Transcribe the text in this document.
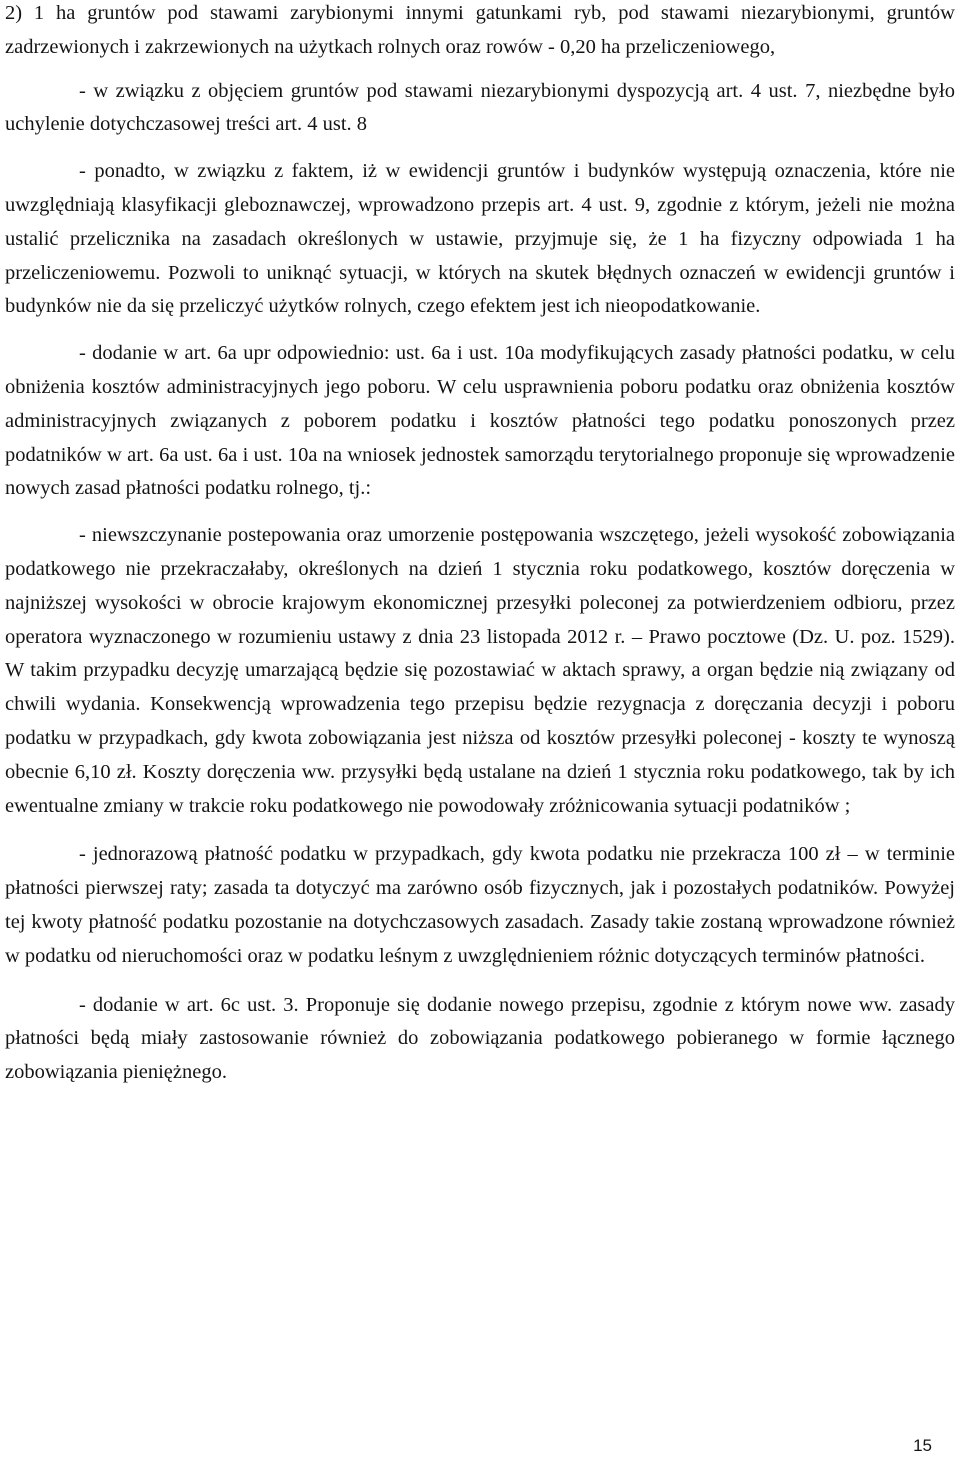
2) 1 ha gruntów pod stawami zarybionymi innymi gatunkami ryb, pod stawami niezarybionymi, gruntów zadrzewionych i zakrzewionych na użytkach rolnych oraz rowów - 0,20 ha przeliczeniowego,

- w związku z objęciem gruntów pod stawami niezarybionymi dyspozycją art. 4 ust. 7, niezbędne było uchylenie dotychczasowej treści art. 4 ust. 8

- ponadto, w związku z faktem, iż w ewidencji gruntów i budynków występują oznaczenia, które nie uwzględniają klasyfikacji gleboznawczej, wprowadzono przepis art. 4 ust. 9, zgodnie z którym, jeżeli nie można ustalić przelicznika na zasadach określonych w ustawie, przyjmuje się, że 1 ha fizyczny odpowiada 1 ha przeliczeniowemu. Pozwoli to uniknąć sytuacji, w których na skutek błędnych oznaczeń w ewidencji gruntów i budynków nie da się przeliczyć użytków rolnych, czego efektem jest ich nieopodatkowanie.

- dodanie w art. 6a upr odpowiednio: ust. 6a i ust. 10a modyfikujących zasady płatności podatku, w celu obniżenia kosztów administracyjnych jego poboru. W celu usprawnienia poboru podatku oraz obniżenia kosztów administracyjnych związanych z poborem podatku i kosztów płatności tego podatku ponoszonych przez podatników w art. 6a ust. 6a i ust. 10a na wniosek jednostek samorządu terytorialnego proponuje się wprowadzenie nowych zasad płatności podatku rolnego, tj.:

- niewszczynanie postepowania oraz umorzenie postępowania wszczętego, jeżeli wysokość zobowiązania podatkowego nie przekraczałaby, określonych na dzień 1 stycznia roku podatkowego, kosztów doręczenia w najniższej wysokości w obrocie krajowym ekonomicznej przesyłki poleconej za potwierdzeniem odbioru, przez operatora wyznaczonego w rozumieniu ustawy z dnia 23 listopada 2012 r. – Prawo pocztowe (Dz. U. poz. 1529). W takim przypadku decyzję umarzającą będzie się pozostawiać w aktach sprawy, a organ będzie nią związany od chwili wydania. Konsekwencją wprowadzenia tego przepisu będzie rezygnacja z doręczania decyzji i poboru podatku w przypadkach, gdy kwota zobowiązania jest niższa od kosztów przesyłki poleconej - koszty te wynoszą obecnie 6,10 zł. Koszty doręczenia ww. przysyłki będą ustalane na dzień 1 stycznia roku podatkowego, tak by ich ewentualne zmiany w trakcie roku podatkowego nie powodowały zróżnicowania sytuacji podatników ;

- jednorazową płatność podatku w przypadkach, gdy kwota podatku nie przekracza 100 zł – w terminie płatności pierwszej raty; zasada ta dotyczyć ma zarówno osób fizycznych, jak i pozostałych podatników. Powyżej tej kwoty płatność podatku pozostanie na dotychczasowych zasadach. Zasady takie zostaną wprowadzone również w podatku od nieruchomości oraz w podatku leśnym z uwzględnieniem różnic dotyczących terminów płatności.

- dodanie w art. 6c ust. 3. Proponuje się dodanie nowego przepisu, zgodnie z którym nowe ww. zasady płatności będą miały zastosowanie również do zobowiązania podatkowego pobieranego w formie łącznego zobowiązania pieniężnego.

15
